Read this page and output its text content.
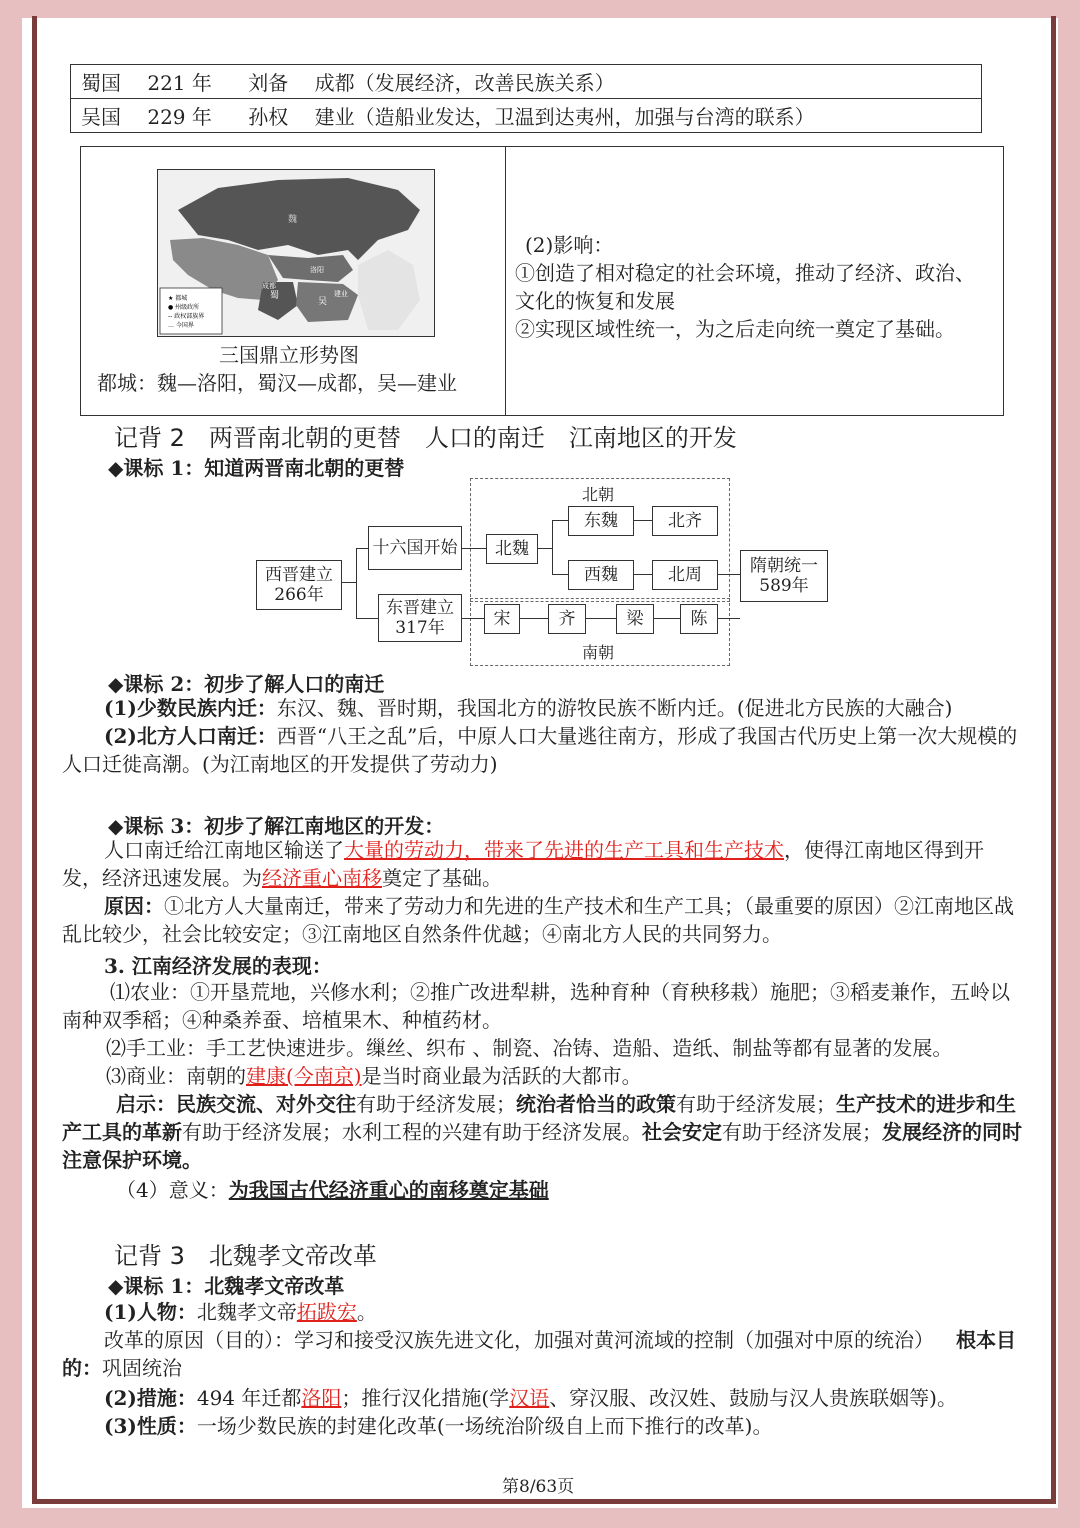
蜀国 221 年 刘备 成都（发展经济，改善民族关系）
吴国 229 年 孙权 建业（造船业发达，卫温到达夷州，加强与台湾的联系）
★ 都城
● 州级政所
-- 政权部族界
… 今国界
魏
蜀
吴
洛阳
成都
建业
三国鼎立形势图
都城：魏—洛阳，蜀汉—成都，吴—建业
(2)影响：
①创造了相对稳定的社会环境，推动了经济、政治、
文化的恢复和发展
②实现区域性统一，为之后走向统一奠定了基础。
记背 2　两晋南北朝的更替　人口的南迁　江南地区的开发
◆课标 1：知道两晋南北朝的更替
北朝
南朝
西晋建立
266年
十六国开始
东晋建立
317年
北魏
东魏	北齐
西魏	北周
宋	齐	梁	陈
隋朝统一
589年
◆课标 2：初步了解人口的南迁

(1)少数民族内迁：东汉、魏、晋时期，我国北方的游牧民族不断内迁。(促进北方民族的大融合)

(2)北方人口南迁：西晋“八王之乱”后，中原人口大量逃往南方，形成了我国古代历史上第一次大规模的人口迁徙高潮。(为江南地区的开发提供了劳动力)

◆课标 3：初步了解江南地区的开发：

人口南迁给江南地区输送了大量的劳动力，带来了先进的生产工具和生产技术，使得江南地区得到开发，经济迅速发展。为经济重心南移奠定了基础。

原因：①北方人大量南迁，带来了劳动力和先进的生产技术和生产工具；（最重要的原因）②江南地区战乱比较少，社会比较安定；③江南地区自然条件优越；④南北方人民的共同努力。

3. 江南经济发展的表现：

⑴农业：①开垦荒地，兴修水利；②推广改进犁耕，选种育种（育秧移栽）施肥；③稻麦兼作，五岭以南种双季稻；④种桑养蚕、培植果木、种植药材。

⑵手工业：手工艺快速进步。缫丝、织布 、制瓷、冶铸、造船、造纸、制盐等都有显著的发展。

⑶商业：南朝的建康(今南京)是当时商业最为活跃的大都市。

启示：民族交流、对外交往有助于经济发展；统治者恰当的政策有助于经济发展；生产技术的进步和生产工具的革新有助于经济发展；水利工程的兴建有助于经济发展。社会安定有助于经济发展；发展经济的同时注意保护环境。

（4）意义：为我国古代经济重心的南移奠定基础

记背 3　北魏孝文帝改革
◆课标 1：北魏孝文帝改革

(1)人物：北魏孝文帝拓跋宏。

改革的原因（目的）：学习和接受汉族先进文化，加强对黄河流域的控制（加强对中原的统治） 根本目的：巩固统治

(2)措施：494 年迁都洛阳；推行汉化措施(学汉语、穿汉服、改汉姓、鼓励与汉人贵族联姻等)。

(3)性质：一场少数民族的封建化改革(一场统治阶级自上而下推行的改革)。

第8/63页
